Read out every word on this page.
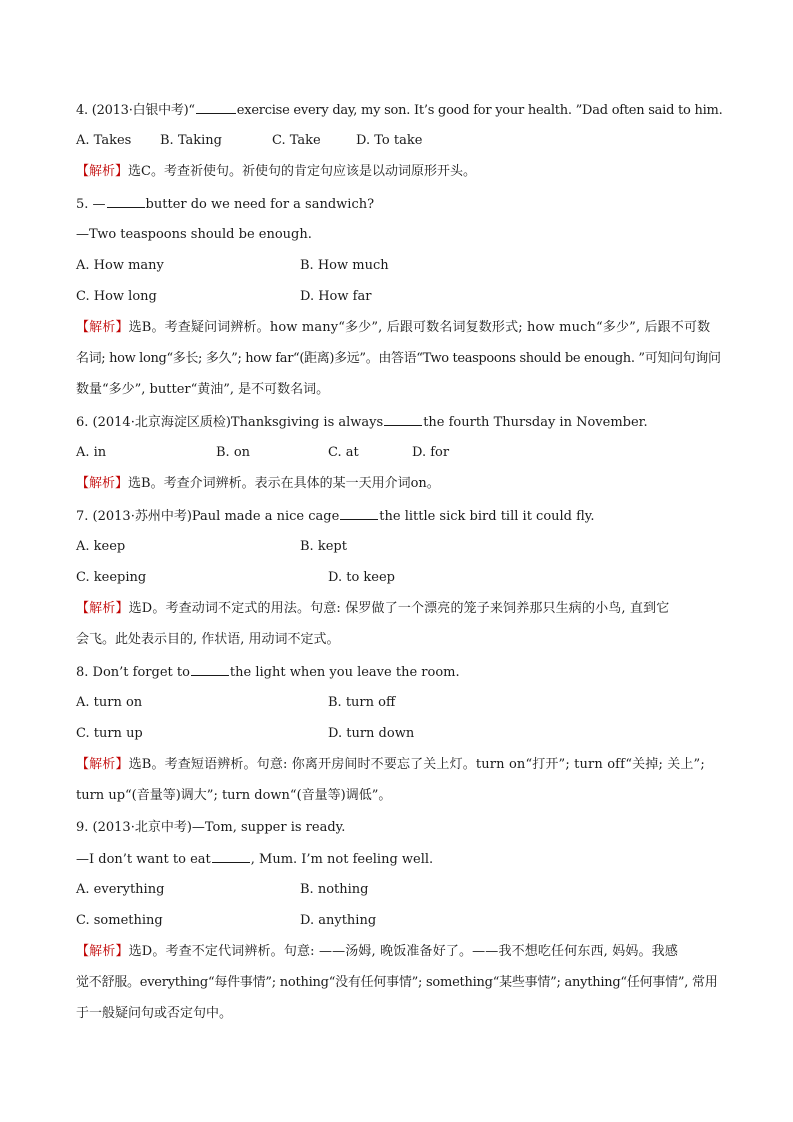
4. (2013·白银中考)“	exercise every day, my son. It’s good for your health. ”Dad often said to him.
A. Takes B. Taking	C. Take	D. To take
【解析】选C。考查祈使句。祈使句的肯定句应该是以动词原形开头。
5. —	butter do we need for a sandwich?
—Two teaspoons should be enough.
A. How many	B. How much
C. How long	D. How far
【解析】选B。考查疑问词辨析。how many“多少”, 后跟可数名词复数形式; how much“多少”, 后跟不可数
名词; how long“多长; 多久”; how far“(距离)多远”。由答语“Two teaspoons should be enough. ”可知问句询问
数量“多少”, butter“黄油”, 是不可数名词。
6. (2014·北京海淀区质检)Thanksgiving is always	the fourth Thursday in November.
A. in	B. on	C. at	D. for
【解析】选B。考查介词辨析。表示在具体的某一天用介词on。
7. (2013·苏州中考)Paul made a nice cage	the little sick bird till it could fly.
A. keep	B. kept
C. keeping	D. to keep
【解析】选D。考查动词不定式的用法。句意: 保罗做了一个漂亮的笼子来饲养那只生病的小鸟, 直到它
会飞。此处表示目的, 作状语, 用动词不定式。
8. Don’t forget to	the light when you leave the room.
A. turn on	B. turn off
C. turn up	D. turn down
【解析】选B。考查短语辨析。句意: 你离开房间时不要忘了关上灯。turn on“打开”; turn off“关掉; 关上”;
turn up“(音量等)调大”; turn down“(音量等)调低”。
9. (2013·北京中考)—Tom, supper is ready.
—I don’t want to eat	, Mum. I’m not feeling well.
A. everything	B. nothing
C. something	D. anything
【解析】选D。考查不定代词辨析。句意: ——汤姆, 晚饭准备好了。——我不想吃任何东西, 妈妈。我感
觉不舒服。everything“每件事情”; nothing“没有任何事情”; something“某些事情”; anything“任何事情”, 常用
于一般疑问句或否定句中。
